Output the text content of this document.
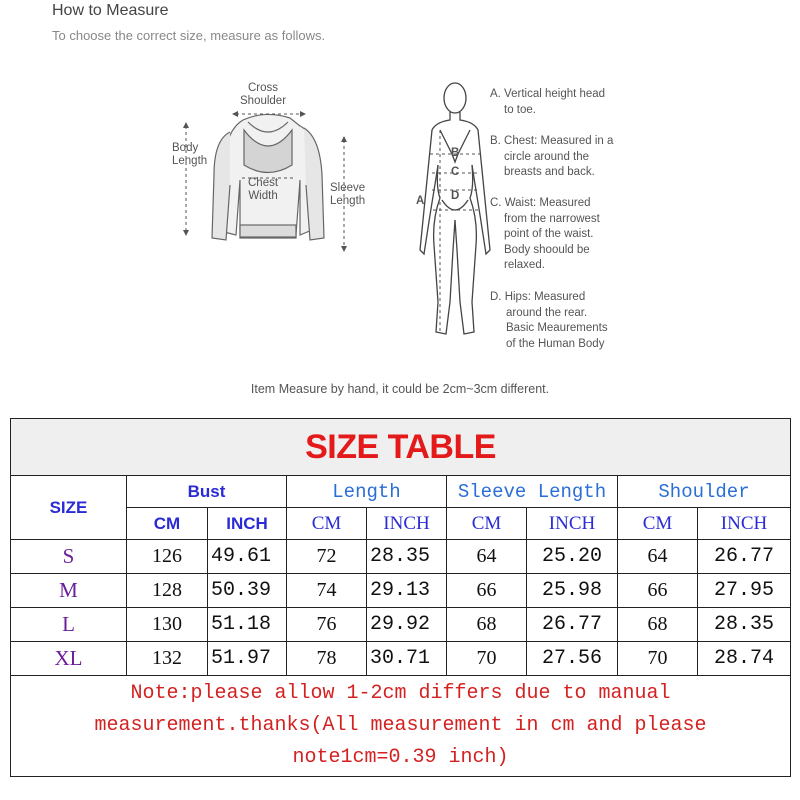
How to Measure
To choose the correct size, measure as follows.
Cross
Shoulder
Body
Length
Chest
Width
Sleeve
Length	A
B
C
D
A. Vertical height head
to toe.
B. Chest: Measured in a
circle around the
breasts and back.
C. Waist: Measured
from the narrowest
point of the waist.
Body shoould be
relaxed.
D. Hips: Measured
around the rear.
Basic Meaurements
of the Human Body
Item Measure by hand, it could be 2cm~3cm different.
SIZE TABLE								
SIZE	Bust		Length		Sleeve Length		Shoulder	
	CM	INCH	CM	INCH	CM	INCH	CM	INCH
S	126	49.61	72	28.35	64	25.20	64	26.77
M	128	50.39	74	29.13	66	25.98	66	27.95
L	130	51.18	76	29.92	68	26.77	68	28.35
XL	132	51.97	78	30.71	70	27.56	70	28.74

Note:please allow 1-2cm differs due to manual
measurement.thanks(All measurement in cm and please
note1cm=0.39 inch)								
